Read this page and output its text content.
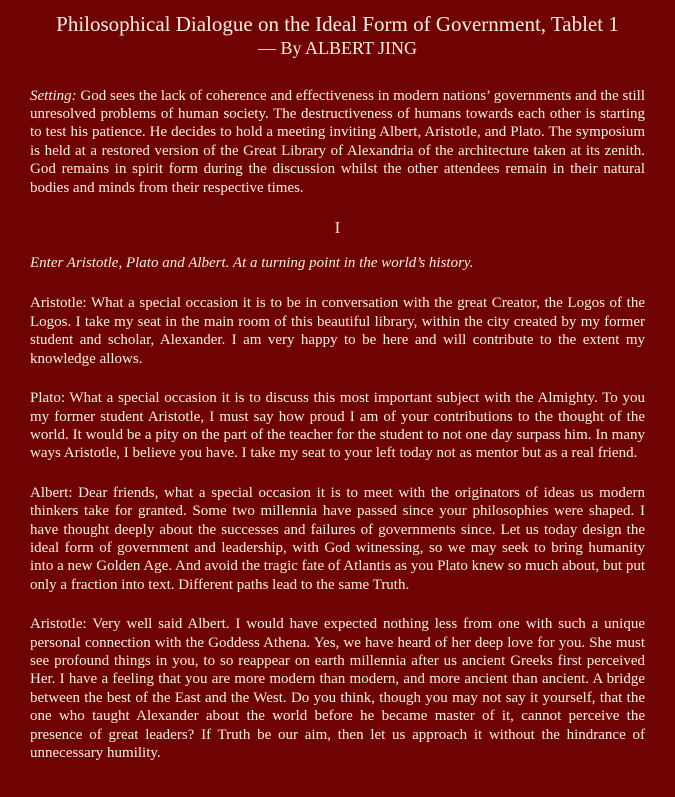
Philosophical Dialogue on the Ideal Form of Government, Tablet 1
— By ALBERT JING

Setting: God sees the lack of coherence and effectiveness in modern nations’ governments and the still unresolved problems of human society. The destructiveness of humans towards each other is starting to test his patience. He decides to hold a meeting inviting Albert, Aristotle, and Plato. The symposium is held at a restored version of the Great Library of Alexandria of the architecture taken at its zenith. God remains in spirit form during the discussion whilst the other attendees remain in their natural bodies and minds from their respective times.

I

Enter Aristotle, Plato and Albert. At a turning point in the world’s history.

Aristotle: What a special occasion it is to be in conversation with the great Creator, the Logos of the Logos. I take my seat in the main room of this beautiful library, within the city created by my former student and scholar, Alexander. I am very happy to be here and will contribute to the extent my knowledge allows.

Plato: What a special occasion it is to discuss this most important subject with the Almighty. To you my former student Aristotle, I must say how proud I am of your contributions to the thought of the world. It would be a pity on the part of the teacher for the student to not one day surpass him. In many ways Aristotle, I believe you have. I take my seat to your left today not as mentor but as a real friend.

Albert: Dear friends, what a special occasion it is to meet with the originators of ideas us modern thinkers take for granted. Some two millennia have passed since your philosophies were shaped. I have thought deeply about the successes and failures of governments since. Let us today design the ideal form of government and leadership, with God witnessing, so we may seek to bring humanity into a new Golden Age. And avoid the tragic fate of Atlantis as you Plato knew so much about, but put only a fraction into text. Different paths lead to the same Truth.

Aristotle: Very well said Albert. I would have expected nothing less from one with such a unique personal connection with the Goddess Athena. Yes, we have heard of her deep love for you. She must see profound things in you, to so reappear on earth millennia after us ancient Greeks first perceived Her. I have a feeling that you are more modern than modern, and more ancient than ancient. A bridge between the best of the East and the West. Do you think, though you may not say it yourself, that the one who taught Alexander about the world before he became master of it, cannot perceive the presence of great leaders? If Truth be our aim, then let us approach it without the hindrance of unnecessary humility.
